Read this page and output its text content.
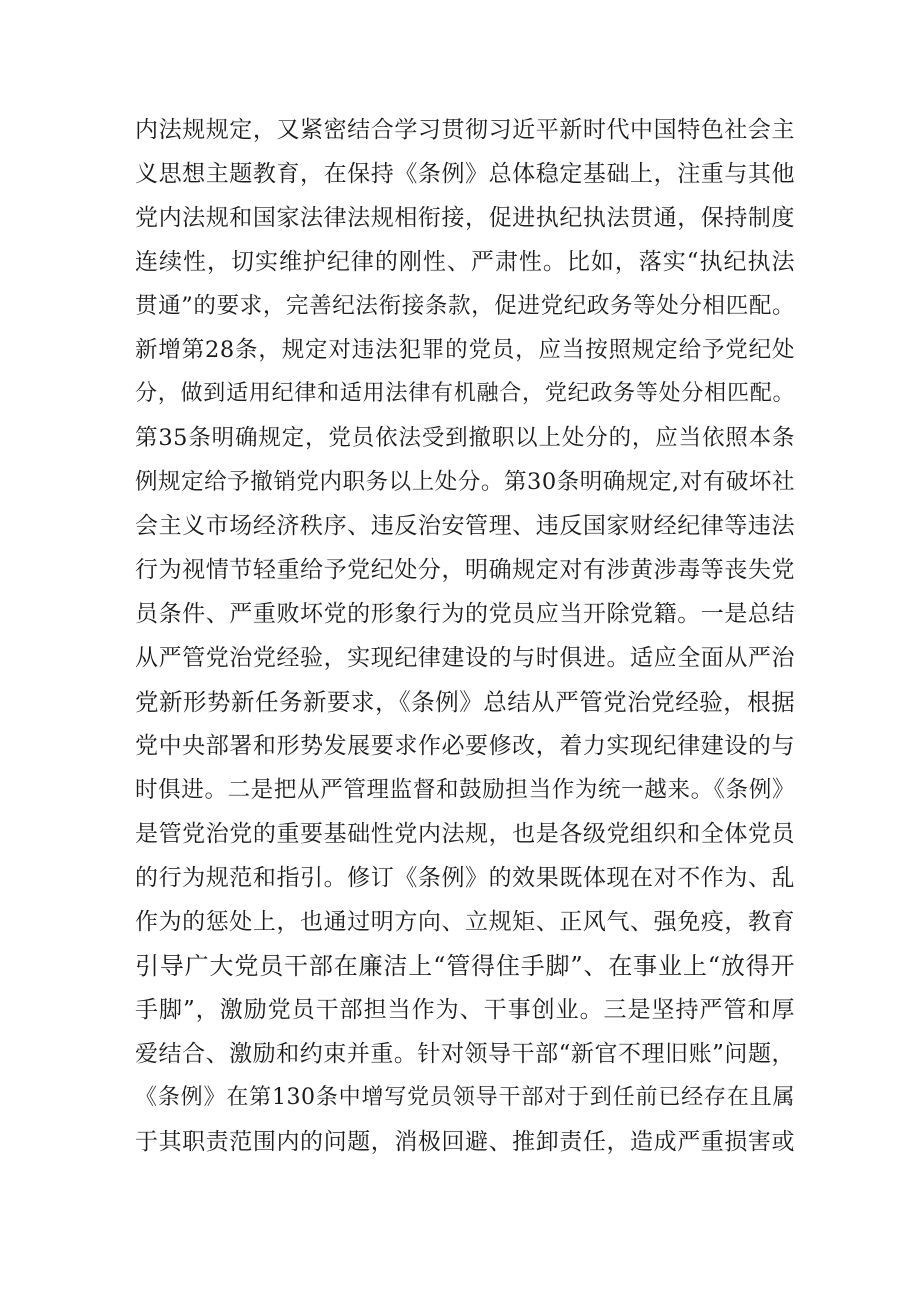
内法规规定，又紧密结合学习贯彻习近平新时代中国特色社会主
义思想主题教育，在保持《条例》总体稳定基础上，注重与其他
党内法规和国家法律法规相衔接，促进执纪执法贯通，保持制度
连续性，切实维护纪律的刚性、严肃性。比如，落实“执纪执法
贯通”的要求，完善纪法衔接条款，促进党纪政务等处分相匹配。
新增第28条，规定对违法犯罪的党员，应当按照规定给予党纪处
分，做到适用纪律和适用法律有机融合，党纪政务等处分相匹配。
第35条明确规定，党员依法受到撤职以上处分的，应当依照本条
例规定给予撤销党内职务以上处分。第30条明确规定,对有破坏社
会主义市场经济秩序、违反治安管理、违反国家财经纪律等违法
行为视情节轻重给予党纪处分，明确规定对有涉黄涉毒等丧失党
员条件、严重败坏党的形象行为的党员应当开除党籍。一是总结
从严管党治党经验，实现纪律建设的与时俱进。适应全面从严治
党新形势新任务新要求，《条例》总结从严管党治党经验，根据
党中央部署和形势发展要求作必要修改，着力实现纪律建设的与
时俱进。二是把从严管理监督和鼓励担当作为统一越来。《条例》
是管党治党的重要基础性党内法规，也是各级党组织和全体党员
的行为规范和指引。修订《条例》的效果既体现在对不作为、乱
作为的惩处上，也通过明方向、立规矩、正风气、强免疫，教育
引导广大党员干部在廉洁上“管得住手脚”、在事业上“放得开
手脚”，激励党员干部担当作为、干事创业。三是坚持严管和厚
爱结合、激励和约束并重。针对领导干部“新官不理旧账”问题，
《条例》在第130条中增写党员领导干部对于到任前已经存在且属
于其职责范围内的问题，消极回避、推卸责任，造成严重损害或
